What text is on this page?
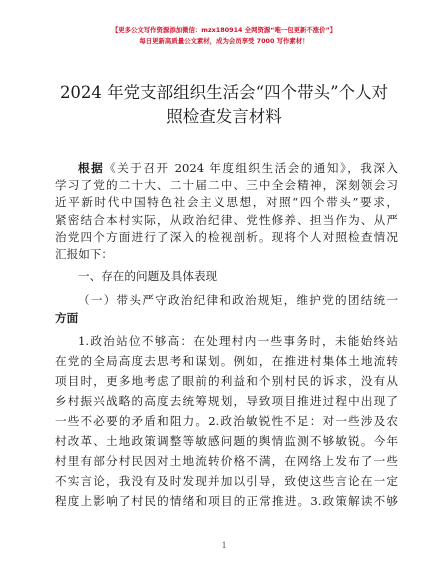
【更多公文写作资源添加微信：mzx180914 全网资源“唯一包更新不涨价”】
每日更新高质量公文素材，成为会员享受 7000 写作素材！
2024 年党支部组织生活会“四个带头”个人对
照检查发言材料
根据《关于召开 2024 年度组织生活会的通知》，我深入
学习了党的二十大、二十届二中、三中全会精神，深刻领会习
近平新时代中国特色社会主义思想，对照“四个带头”要求，
紧密结合本村实际，从政治纪律、党性修养、担当作为、从严
治党四个方面进行了深入的检视剖析。现将个人对照检查情况
汇报如下：
一、存在的问题及具体表现
（一）带头严守政治纪律和政治规矩，维护党的团结统一
方面
1.政治站位不够高：在处理村内一些事务时，未能始终站
在党的全局高度去思考和谋划。例如，在推进村集体土地流转
项目时，更多地考虑了眼前的利益和个别村民的诉求，没有从
乡村振兴战略的高度去统筹规划，导致项目推进过程中出现了
一些不必要的矛盾和阻力。2.政治敏锐性不足：对一些涉及农
村改革、土地政策调整等敏感问题的舆情监测不够敏锐。今年
村里有部分村民因对土地流转价格不满，在网络上发布了一些
不实言论，我没有及时发现并加以引导，致使这些言论在一定
程度上影响了村民的情绪和项目的正常推进。3.政策解读不够
1
